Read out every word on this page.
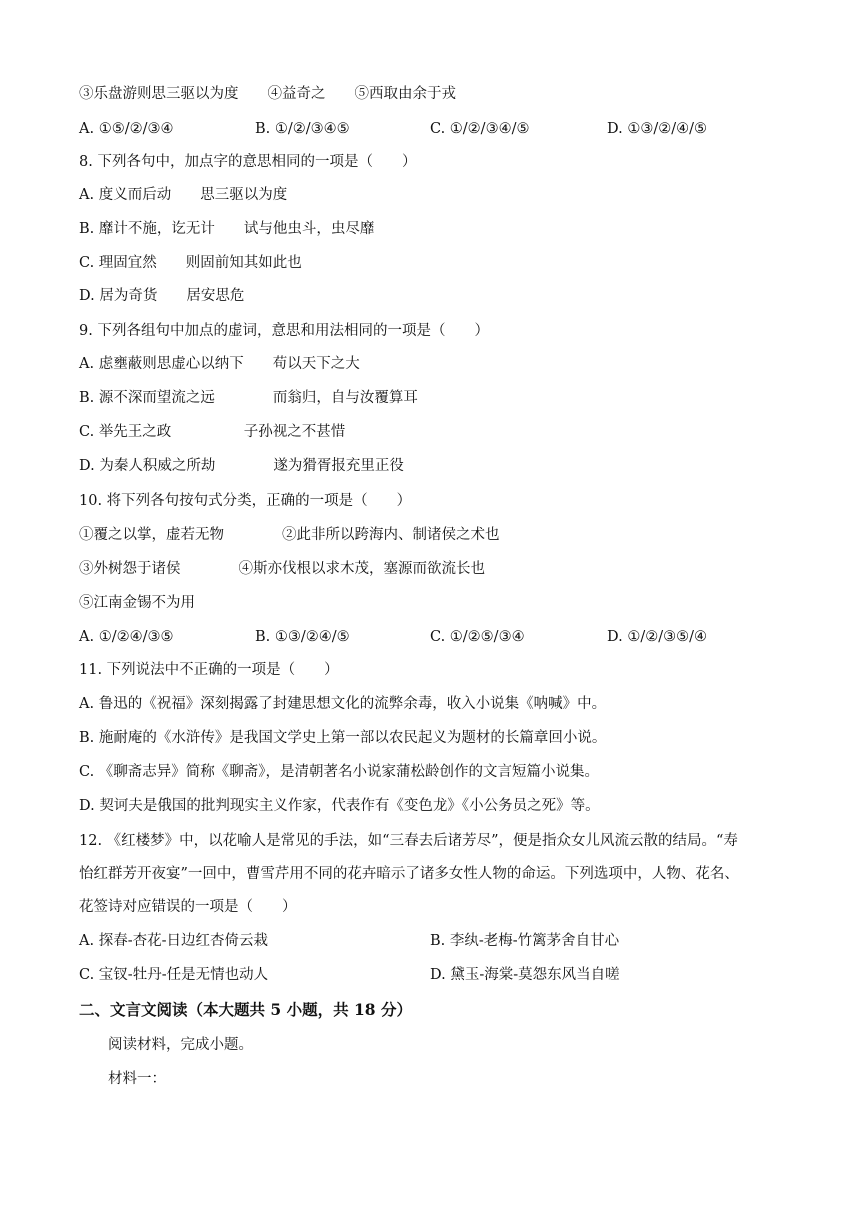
③乐盘游则思三驱以为度　　④益奇之　　⑤西取由余于戎
A. ①⑤/②/③④	B. ①/②/③④⑤	C. ①/②/③④/⑤	D. ①③/②/④/⑤
8. 下列各句中，加点字的意思相同的一项是（　　）
A. 度义而后动　　思三驱以为度
B. 靡计不施，讫无计　　试与他虫斗，虫尽靡
C. 理固宜然　　则固前知其如此也
D. 居为奇货　　居安思危
9. 下列各组句中加点的虚词，意思和用法相同的一项是（　　）
A. 虑壅蔽则思虚心以纳下　　苟以天下之大
B. 源不深而望流之远　　　　而翁归，自与汝覆算耳
C. 举先王之政　　　　　子孙视之不甚惜
D. 为秦人积威之所劫　　　　遂为猾胥报充里正役
10. 将下列各句按句式分类，正确的一项是（　　）
①覆之以掌，虚若无物　　　　②此非所以跨海内、制诸侯之术也
③外树怨于诸侯　　　　④斯亦伐根以求木茂，塞源而欲流长也
⑤江南金锡不为用
A. ①/②④/③⑤	B. ①③/②④/⑤	C. ①/②⑤/③④	D. ①/②/③⑤/④
11. 下列说法中不正确的一项是（　　）
A. 鲁迅的《祝福》深刻揭露了封建思想文化的流弊余毒，收入小说集《呐喊》中。
B. 施耐庵的《水浒传》是我国文学史上第一部以农民起义为题材的长篇章回小说。
C. 《聊斋志异》简称《聊斋》，是清朝著名小说家蒲松龄创作的文言短篇小说集。
D. 契诃夫是俄国的批判现实主义作家，代表作有《变色龙》《小公务员之死》等。
12. 《红楼梦》中，以花喻人是常见的手法，如“三春去后诸芳尽”，便是指众女儿风流云散的结局。“寿
怡红群芳开夜宴”一回中，曹雪芹用不同的花卉暗示了诸多女性人物的命运。下列选项中，人物、花名、
花签诗对应错误的一项是（　　）
A. 探春-杏花-日边红杏倚云栽	B. 李纨-老梅-竹篱茅舍自甘心
C. 宝钗-牡丹-任是无情也动人	D. 黛玉-海棠-莫怨东风当自嗟
二、文言文阅读（本大题共 5 小题，共 18 分）
阅读材料，完成小题。
材料一：
